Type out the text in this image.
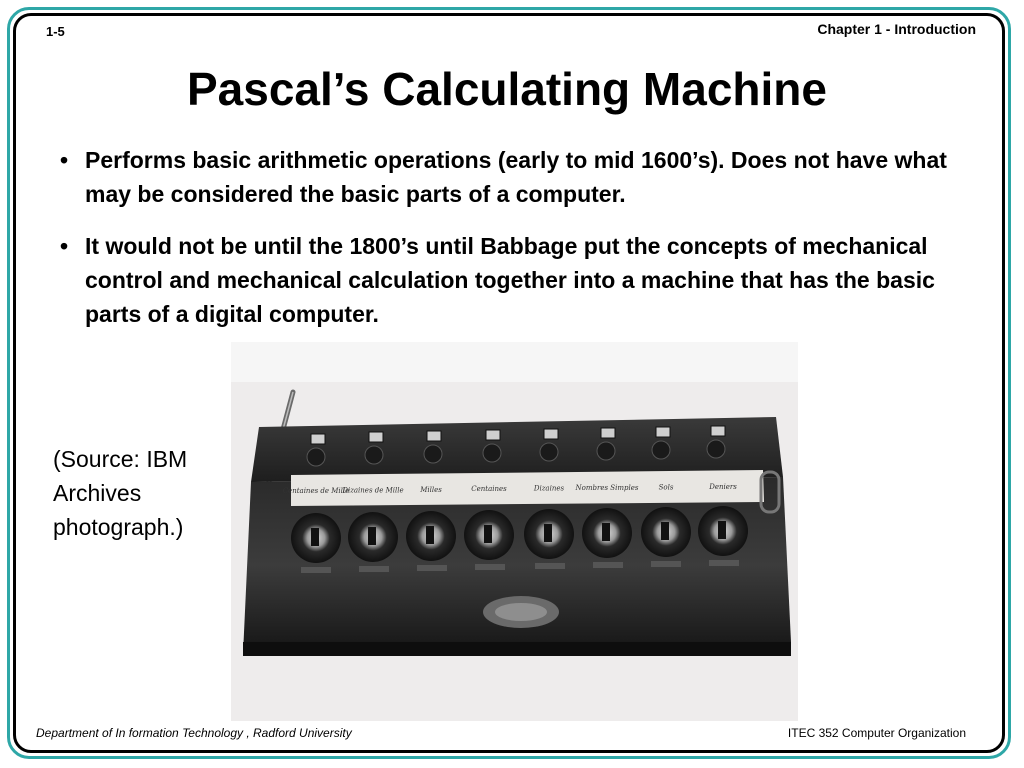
1-5	Chapter 1 - Introduction
Pascal’s Calculating Machine
• Performs basic arithmetic operations (early to mid 1600’s). Does not have what may be considered the basic parts of a computer.
• It would not be until the 1800’s until Babbage put the concepts of mechanical control and mechanical calculation together into a machine that has the basic parts of a digital computer.
(Source: IBM Archives photograph.)
Centaines de Mille
Dizaines de Mille Milles	Centaines	Dizaines Nombres Simples	Sols	Deniers
Department of In formation Technology , Radford University	ITEC 352 Computer Organization
